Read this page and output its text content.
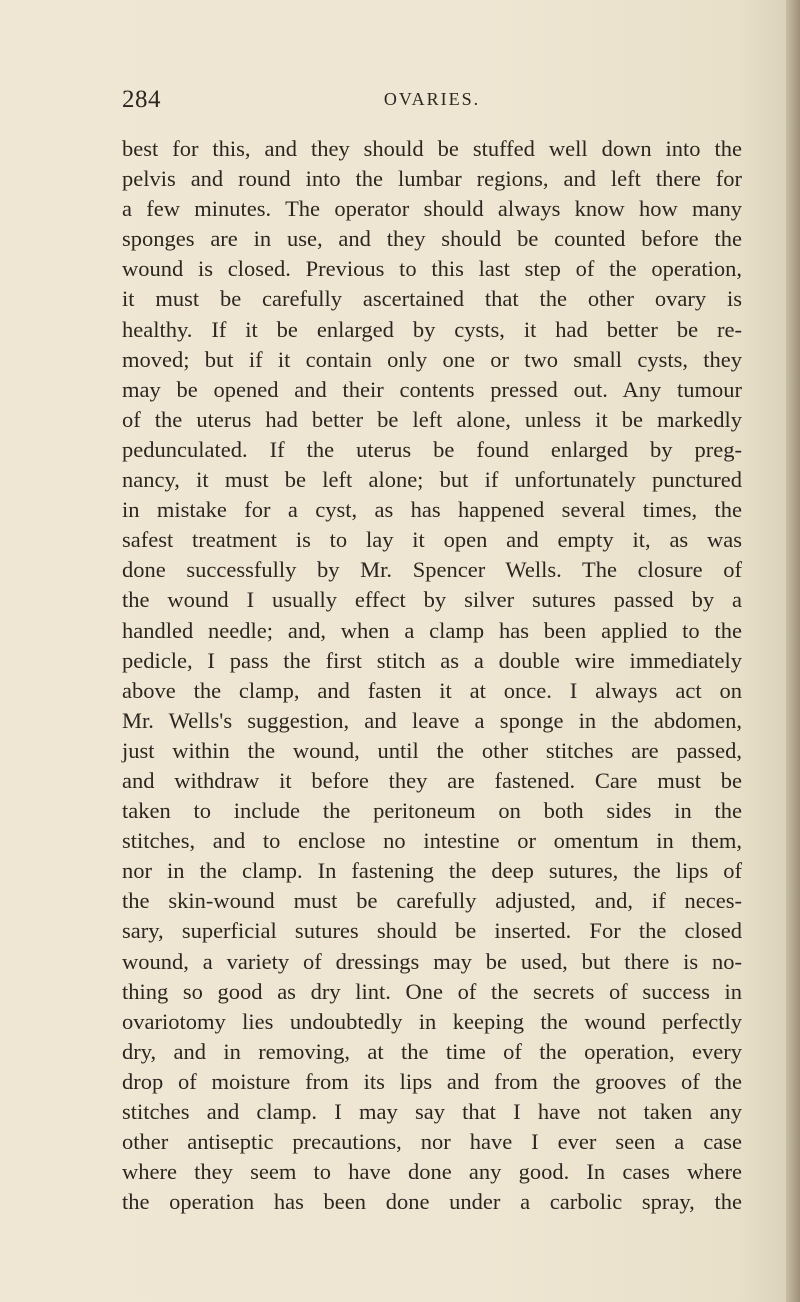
284	OVARIES.
best for this, and they should be stuffed well down into the
pelvis and round into the lumbar regions, and left there for
a few minutes. The operator should always know how many
sponges are in use, and they should be counted before the
wound is closed. Previous to this last step of the operation,
it must be carefully ascertained that the other ovary is
healthy. If it be enlarged by cysts, it had better be re-
moved; but if it contain only one or two small cysts, they
may be opened and their contents pressed out. Any tumour
of the uterus had better be left alone, unless it be markedly
pedunculated. If the uterus be found enlarged by preg-
nancy, it must be left alone; but if unfortunately punctured
in mistake for a cyst, as has happened several times, the
safest treatment is to lay it open and empty it, as was
done successfully by Mr. Spencer Wells. The closure of
the wound I usually effect by silver sutures passed by a
handled needle; and, when a clamp has been applied to the
pedicle, I pass the first stitch as a double wire immediately
above the clamp, and fasten it at once. I always act on
Mr. Wells's suggestion, and leave a sponge in the abdomen,
just within the wound, until the other stitches are passed,
and withdraw it before they are fastened. Care must be
taken to include the peritoneum on both sides in the
stitches, and to enclose no intestine or omentum in them,
nor in the clamp. In fastening the deep sutures, the lips of
the skin-wound must be carefully adjusted, and, if neces-
sary, superficial sutures should be inserted. For the closed
wound, a variety of dressings may be used, but there is no-
thing so good as dry lint. One of the secrets of success in
ovariotomy lies undoubtedly in keeping the wound perfectly
dry, and in removing, at the time of the operation, every
drop of moisture from its lips and from the grooves of the
stitches and clamp. I may say that I have not taken any
other antiseptic precautions, nor have I ever seen a case
where they seem to have done any good. In cases where
the operation has been done under a carbolic spray, the
